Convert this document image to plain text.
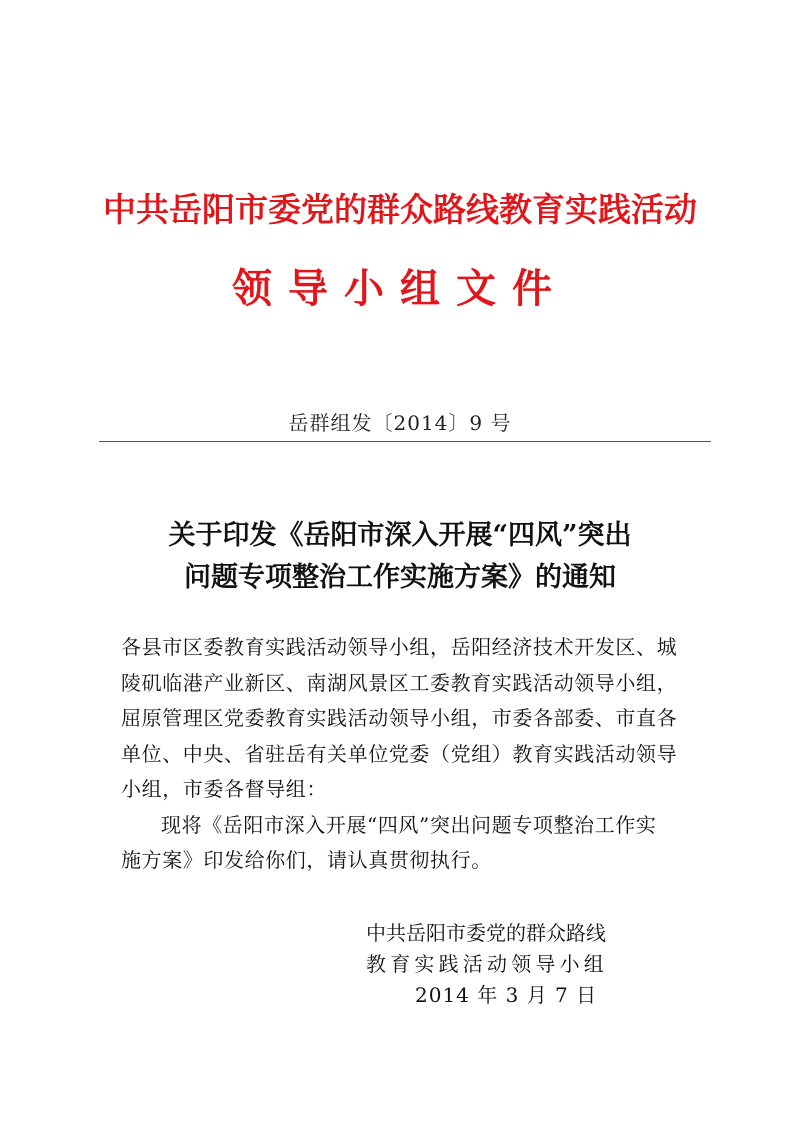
中共岳阳市委党的群众路线教育实践活动
领导小组文件
岳群组发〔2014〕9 号
关于印发《岳阳市深入开展“四风”突出
问题专项整治工作实施方案》的通知
各县市区委教育实践活动领导小组，岳阳经济技术开发区、城
陵矶临港产业新区、南湖风景区工委教育实践活动领导小组，
屈原管理区党委教育实践活动领导小组，市委各部委、市直各
单位、中央、省驻岳有关单位党委（党组）教育实践活动领导
小组，市委各督导组：
现将《岳阳市深入开展“四风”突出问题专项整治工作实
施方案》印发给你们，请认真贯彻执行。
中共岳阳市委党的群众路线
教育实践活动领导小组
2014 年 3 月 7 日
